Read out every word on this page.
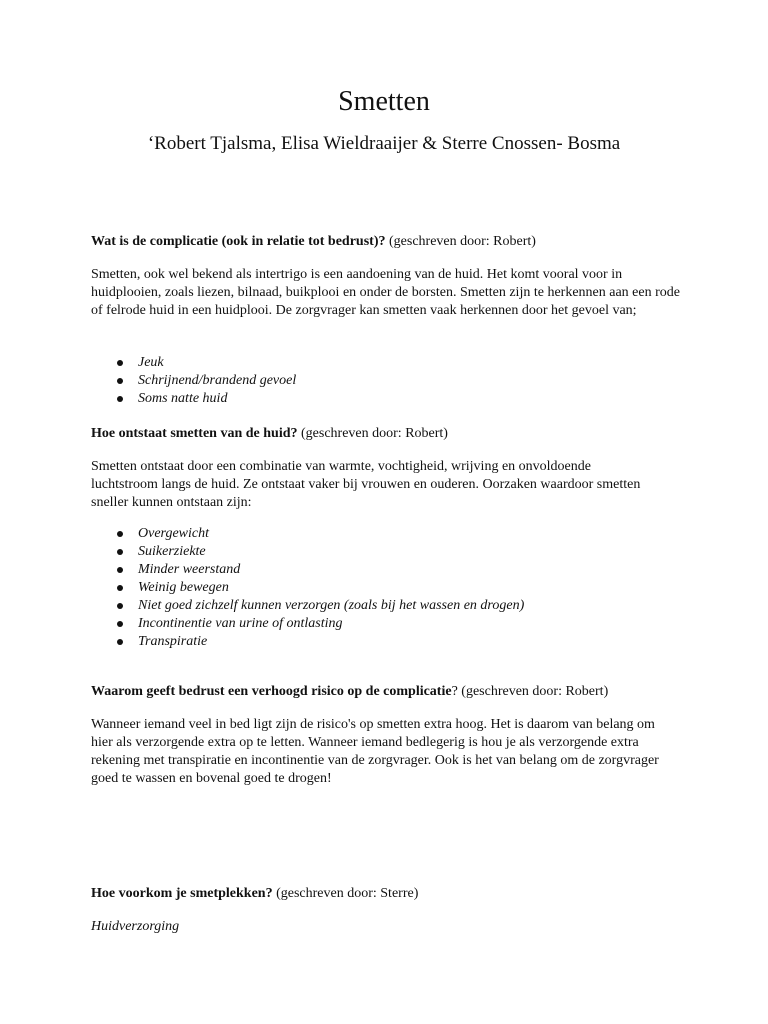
Smetten
‘Robert Tjalsma, Elisa Wieldraaijer & Sterre Cnossen- Bosma
Wat is de complicatie (ook in relatie tot bedrust)? (geschreven door: Robert)
Smetten, ook wel bekend als intertrigo is een aandoening van de huid. Het komt vooral voor in huidplooien, zoals liezen, bilnaad, buikplooi en onder de borsten. Smetten zijn te herkennen aan een rode of felrode huid in een huidplooi. De zorgvrager kan smetten vaak herkennen door het gevoel van;
Jeuk
Schrijnend/brandend gevoel
Soms natte huid
Hoe ontstaat smetten van de huid? (geschreven door: Robert)
Smetten ontstaat door een combinatie van warmte, vochtigheid, wrijving en onvoldoende luchtstroom langs de huid. Ze ontstaat vaker bij vrouwen en ouderen. Oorzaken waardoor smetten sneller kunnen ontstaan zijn:
Overgewicht
Suikerziekte
Minder weerstand
Weinig bewegen
Niet goed zichzelf kunnen verzorgen (zoals bij het wassen en drogen)
Incontinentie van urine of ontlasting
Transpiratie
Waarom geeft bedrust een verhoogd risico op de complicatie? (geschreven door: Robert)
Wanneer iemand veel in bed ligt zijn de risico's op smetten extra hoog. Het is daarom van belang om hier als verzorgende extra op te letten. Wanneer iemand bedlegerig is hou je als verzorgende extra rekening met transpiratie en incontinentie van de zorgvrager. Ook is het van belang om de zorgvrager goed te wassen en bovenal goed te drogen!
Hoe voorkom je smetplekken? (geschreven door: Sterre)
Huidverzorging
